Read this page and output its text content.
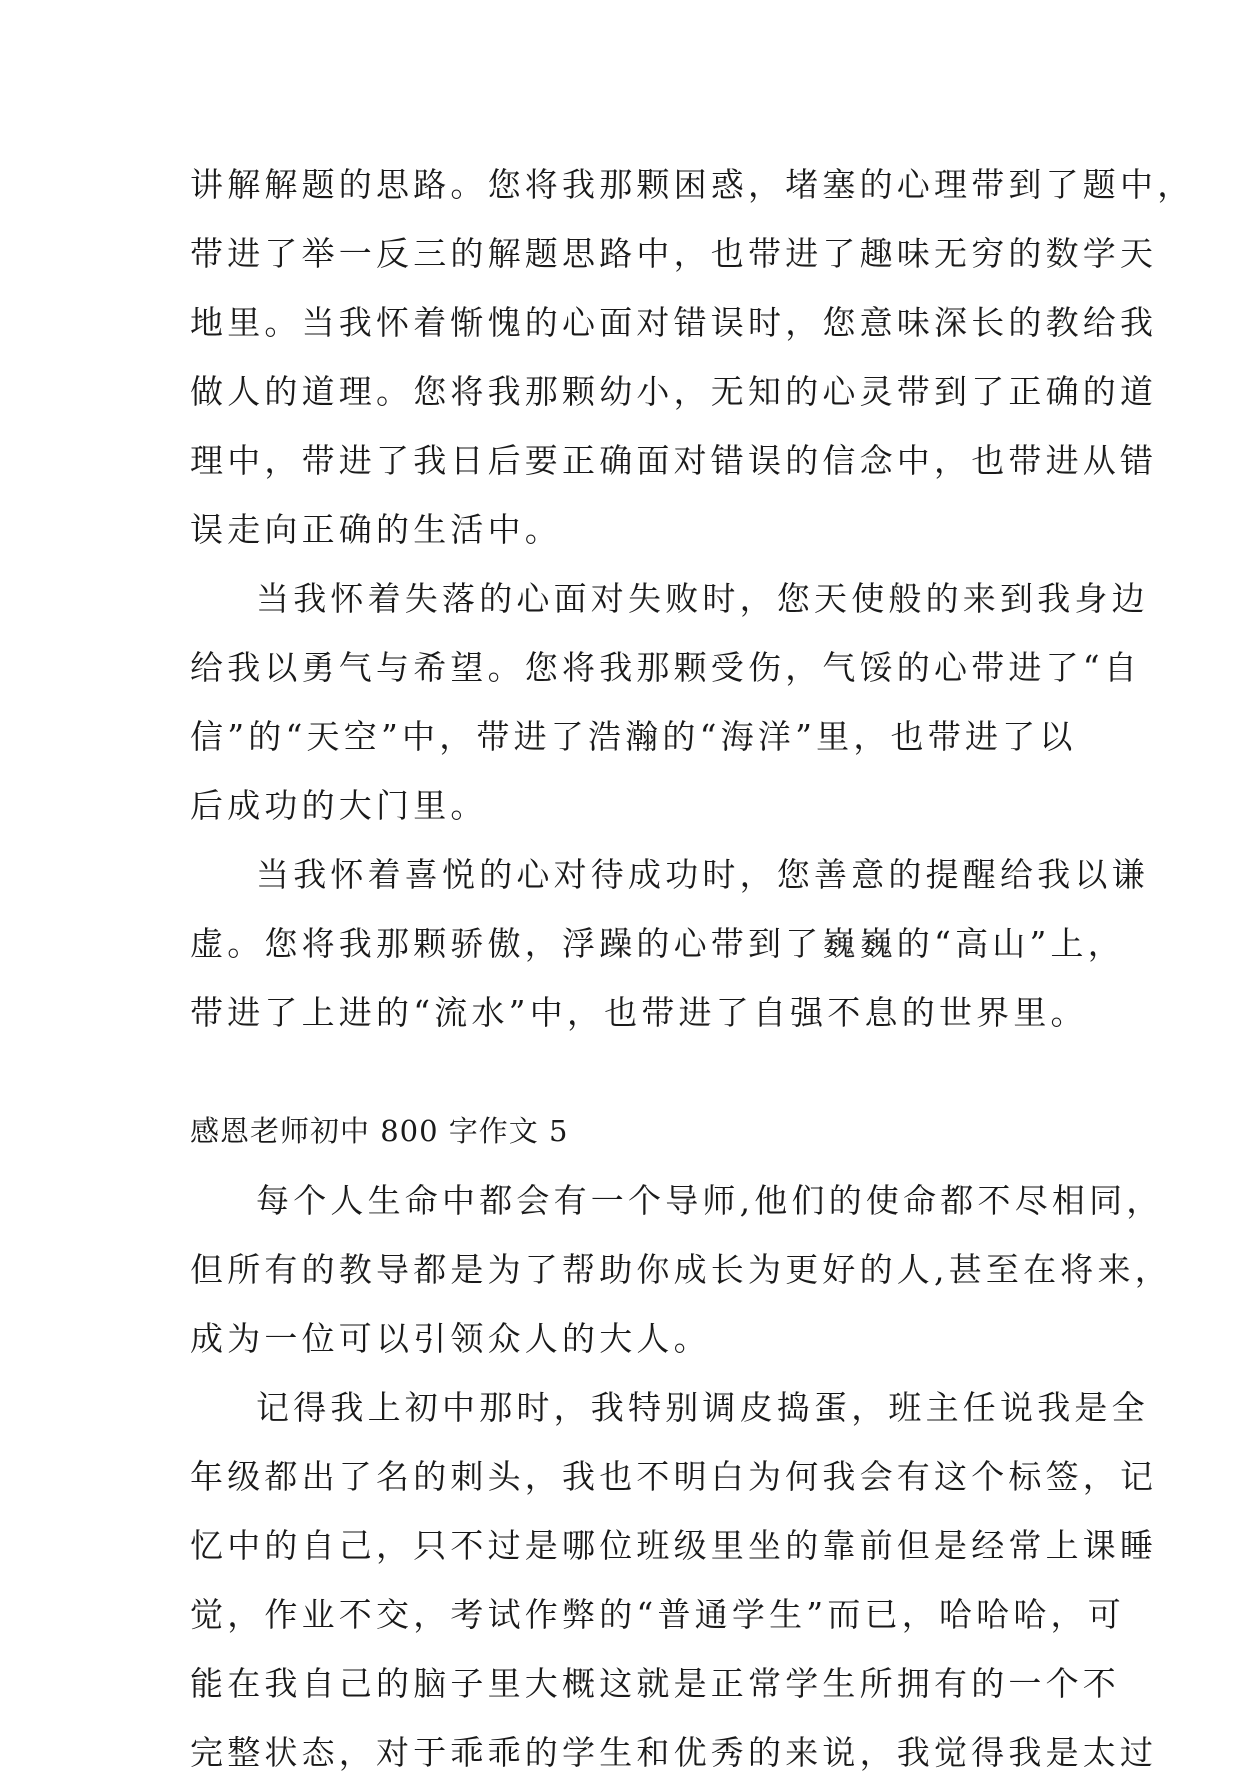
讲解解题的思路。您将我那颗困惑，堵塞的心理带到了题中，
带进了举一反三的解题思路中，也带进了趣味无穷的数学天
地里。当我怀着惭愧的心面对错误时，您意味深长的教给我
做人的道理。您将我那颗幼小，无知的心灵带到了正确的道
理中，带进了我日后要正确面对错误的信念中，也带进从错
误走向正确的生活中。
当我怀着失落的心面对失败时，您天使般的来到我身边
给我以勇气与希望。您将我那颗受伤，气馁的心带进了“自
信”的“天空”中，带进了浩瀚的“海洋”里，也带进了以
后成功的大门里。
当我怀着喜悦的心对待成功时，您善意的提醒给我以谦
虚。您将我那颗骄傲，浮躁的心带到了巍巍的“高山”上，
带进了上进的“流水”中，也带进了自强不息的世界里。
感恩老师初中 800 字作文 5
每个人生命中都会有一个导师,他们的使命都不尽相同，
但所有的教导都是为了帮助你成长为更好的人,甚至在将来，
成为一位可以引领众人的大人。
记得我上初中那时，我特别调皮捣蛋，班主任说我是全
年级都出了名的刺头，我也不明白为何我会有这个标签，记
忆中的自己，只不过是哪位班级里坐的靠前但是经常上课睡
觉，作业不交，考试作弊的“普通学生”而已，哈哈哈，可
能在我自己的脑子里大概这就是正常学生所拥有的一个不
完整状态，对于乖乖的学生和优秀的来说，我觉得我是太过
